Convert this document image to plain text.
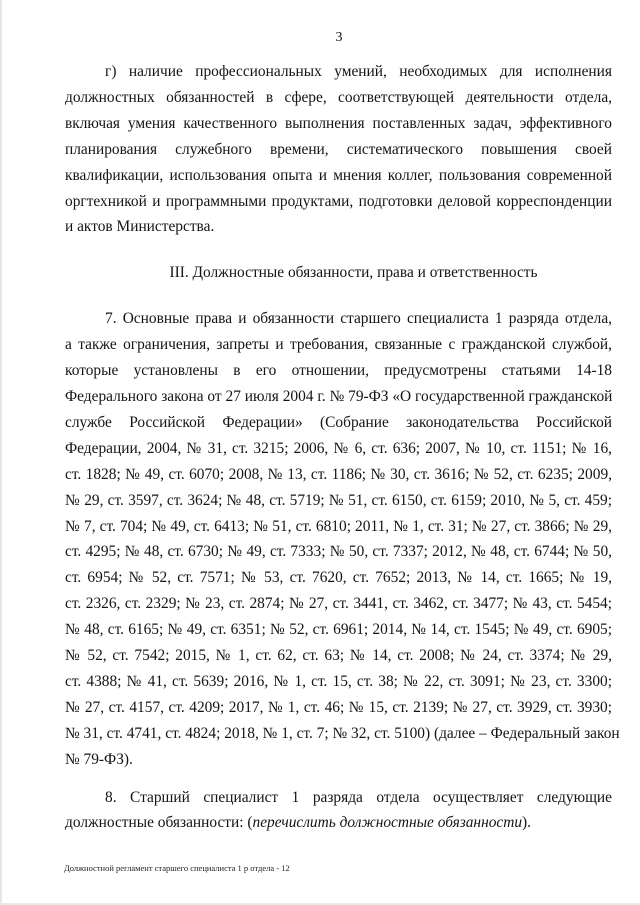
3
г) наличие профессиональных умений, необходимых для исполнения
должностных обязанностей в сфере, соответствующей деятельности отдела,
включая умения качественного выполнения поставленных задач, эффективного
планирования служебного времени, систематического повышения своей
квалификации, использования опыта и мнения коллег, пользования современной
оргтехникой и программными продуктами, подготовки деловой корреспонденции
и актов Министерства.
III. Должностные обязанности, права и ответственность
7. Основные права и обязанности старшего специалиста 1 разряда отдела,
а также ограничения, запреты и требования, связанные с гражданской службой,
которые установлены в его отношении, предусмотрены статьями 14-18
Федерального закона от 27 июля 2004 г. № 79-ФЗ «О государственной гражданской
службе Российской Федерации» (Собрание законодательства Российской
Федерации, 2004, № 31, ст. 3215; 2006, № 6, ст. 636; 2007, № 10, ст. 1151; № 16,
ст. 1828; № 49, ст. 6070; 2008, № 13, ст. 1186; № 30, ст. 3616; № 52, ст. 6235; 2009,
№ 29, ст. 3597, ст. 3624; № 48, ст. 5719; № 51, ст. 6150, ст. 6159; 2010, № 5, ст. 459;
№ 7, ст. 704; № 49, ст. 6413; № 51, ст. 6810; 2011, № 1, ст. 31; № 27, ст. 3866; № 29,
ст. 4295; № 48, ст. 6730; № 49, ст. 7333; № 50, ст. 7337; 2012, № 48, ст. 6744; № 50,
ст. 6954; № 52, ст. 7571; № 53, ст. 7620, ст. 7652; 2013, № 14, ст. 1665; № 19,
ст. 2326, ст. 2329; № 23, ст. 2874; № 27, ст. 3441, ст. 3462, ст. 3477; № 43, ст. 5454;
№ 48, ст. 6165; № 49, ст. 6351; № 52, ст. 6961; 2014, № 14, ст. 1545; № 49, ст. 6905;
№ 52, ст. 7542; 2015, № 1, ст. 62, ст. 63; № 14, ст. 2008; № 24, ст. 3374; № 29,
ст. 4388; № 41, ст. 5639; 2016, № 1, ст. 15, ст. 38; № 22, ст. 3091; № 23, ст. 3300;
№ 27, ст. 4157, ст. 4209; 2017, № 1, ст. 46; № 15, ст. 2139; № 27, ст. 3929, ст. 3930;
№ 31, ст. 4741, ст. 4824; 2018, № 1, ст. 7; № 32, ст. 5100) (далее – Федеральный закон
№ 79-ФЗ).
8. Старший специалист 1 разряда отдела осуществляет следующие
должностные обязанности: (перечислить должностные обязанности).
Должностной регламент старшего специалиста 1 р отдела - 12
